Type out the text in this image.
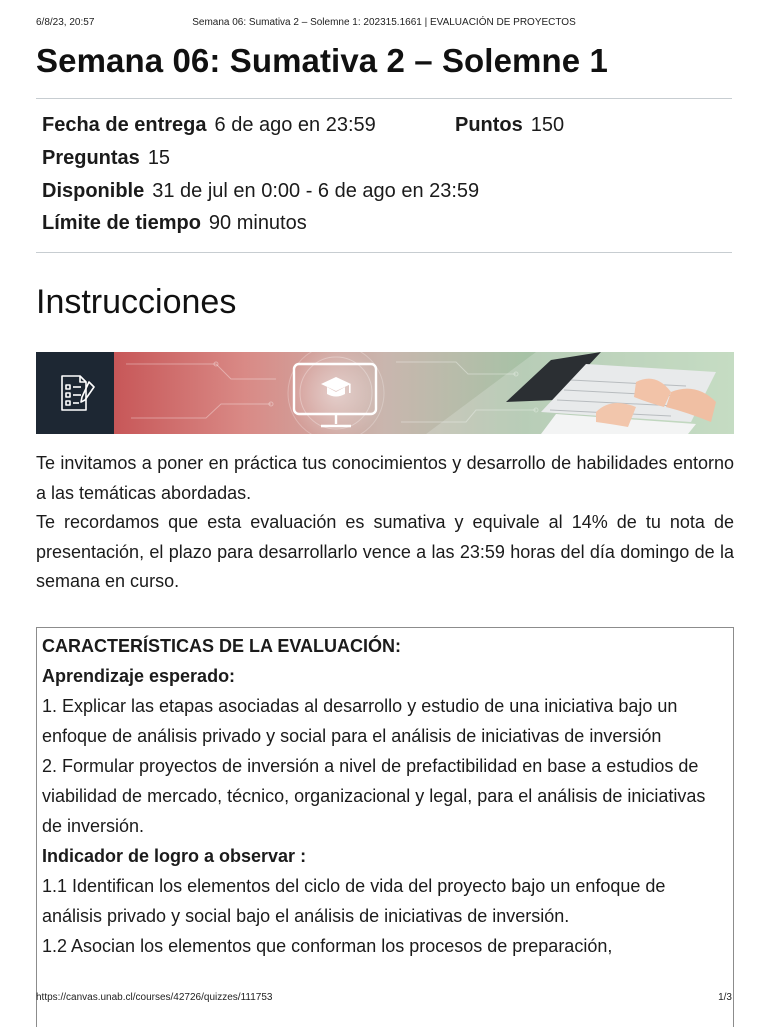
6/8/23, 20:57	Semana 06: Sumativa 2 – Solemne 1: 202315.1661 | EVALUACIÓN DE PROYECTOS
Semana 06: Sumativa 2 – Solemne 1
Fecha de entrega 6 de ago en 23:59	Puntos 150
Preguntas 15
Disponible 31 de jul en 0:00 - 6 de ago en 23:59
Límite de tiempo 90 minutos
Instrucciones

Te invitamos a poner en práctica tus conocimientos y desarrollo de habilidades entorno a las temáticas abordadas.

Te recordamos que esta evaluación es sumativa y equivale al 14% de tu nota de presentación, el plazo para desarrollarlo vence a las 23:59 horas del día domingo de la semana en curso.

CARACTERÍSTICAS DE LA EVALUACIÓN:
Aprendizaje esperado:
1. Explicar las etapas asociadas al desarrollo y estudio de una iniciativa bajo un enfoque de análisis privado y social para el análisis de iniciativas de inversión
2. Formular proyectos de inversión a nivel de prefactibilidad en base a estudios de viabilidad de mercado, técnico, organizacional y legal, para el análisis de iniciativas de inversión.
Indicador de logro a observar :
1.1 Identifican los elementos del ciclo de vida del proyecto bajo un enfoque de análisis privado y social bajo el análisis de iniciativas de inversión.
1.2 Asocian los elementos que conforman los procesos de preparación,
https://canvas.unab.cl/courses/42726/quizzes/111753	1/3
